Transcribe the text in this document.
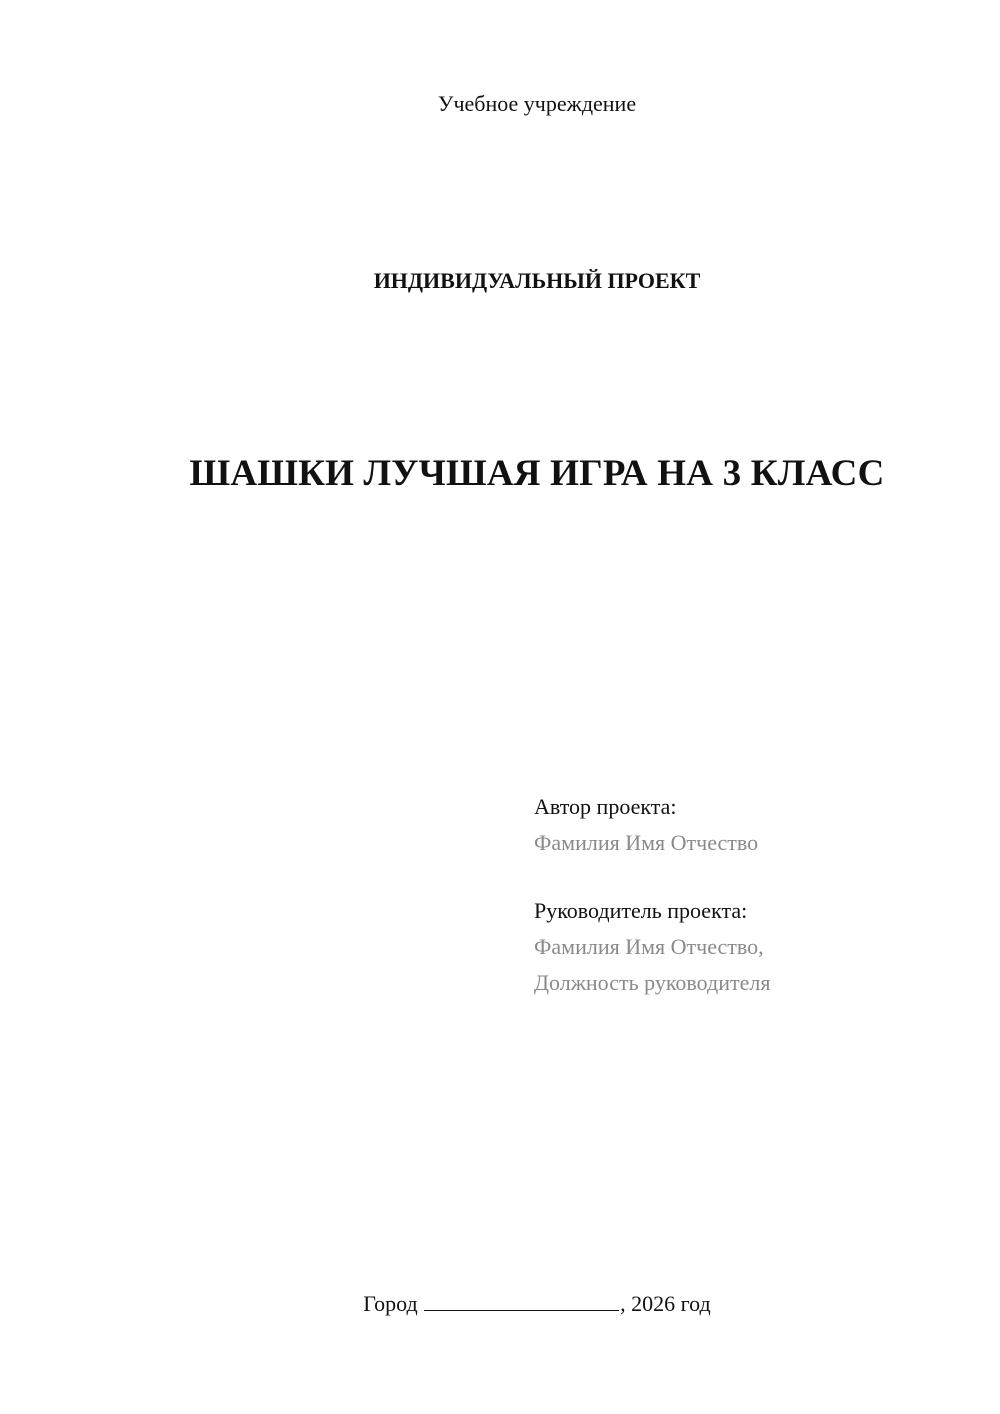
Учебное учреждение
ИНДИВИДУАЛЬНЫЙ ПРОЕКТ
ШАШКИ ЛУЧШАЯ ИГРА НА 3 КЛАСС
Автор проекта:
Фамилия Имя Отчество
Руководитель проекта:
Фамилия Имя Отчество,
Должность руководителя
Город	, 2026 год
